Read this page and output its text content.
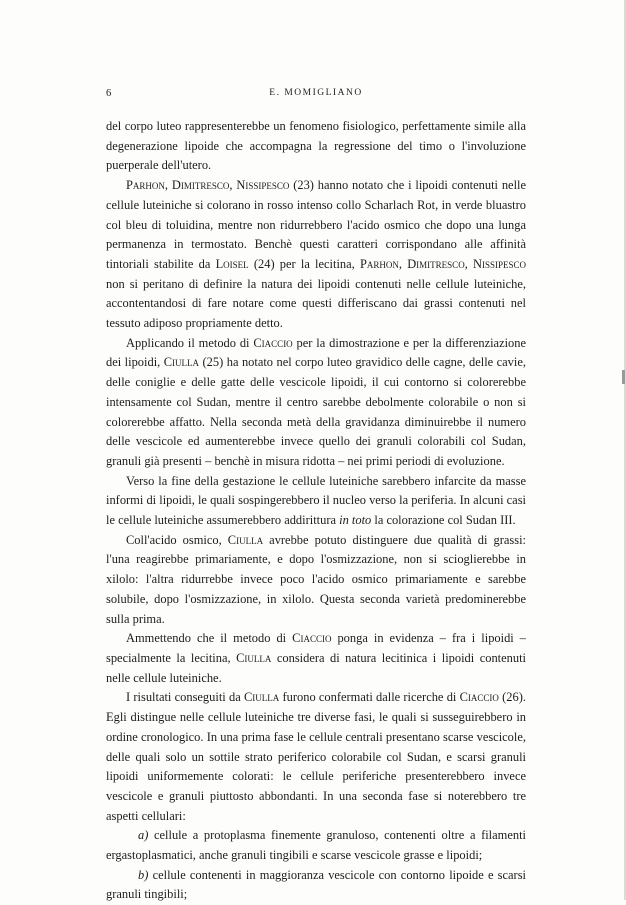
6	E. MOMIGLIANO

del corpo luteo rappresenterebbe un fenomeno fisiologico, perfettamente simile alla degenerazione lipoide che accompagna la regressione del timo o l'involuzione puerperale dell'utero.

Parhon, Dimitresco, Nissipesco (23) hanno notato che i lipoidi contenuti nelle cellule luteiniche si colorano in rosso intenso collo Scharlach Rot, in verde bluastro col bleu di toluidina, mentre non ridurrebbero l'acido osmico che dopo una lunga permanenza in termostato. Benchè questi caratteri corrispondano alle affinità tintoriali stabilite da Loisel (24) per la lecitina, Parhon, Dimitresco, Nissipesco non si peritano di definire la natura dei lipoidi contenuti nelle cellule luteiniche, accontentandosi di fare notare come questi differiscano dai grassi contenuti nel tessuto adiposo propriamente detto.

Applicando il metodo di Ciaccio per la dimostrazione e per la differenziazione dei lipoidi, Ciulla (25) ha notato nel corpo luteo gravidico delle cagne, delle cavie, delle coniglie e delle gatte delle vescicole lipoidi, il cui contorno si colorerebbe intensamente col Sudan, mentre il centro sarebbe debolmente colorabile o non si colorerebbe affatto. Nella seconda metà della gravidanza diminuirebbe il numero delle vescicole ed aumenterebbe invece quello dei granuli colorabili col Sudan, granuli già presenti – benchè in misura ridotta – nei primi periodi di evoluzione.

Verso la fine della gestazione le cellule luteiniche sarebbero infarcite da masse informi di lipoidi, le quali sospingerebbero il nucleo verso la periferia. In alcuni casi le cellule luteiniche assumerebbero addirittura in toto la colorazione col Sudan III.

Coll'acido osmico, Ciulla avrebbe potuto distinguere due qualità di grassi: l'una reagirebbe primariamente, e dopo l'osmizzazione, non si scioglierebbe in xilolo: l'altra ridurrebbe invece poco l'acido osmico primariamente e sarebbe solubile, dopo l'osmizzazione, in xilolo. Questa seconda varietà predominerebbe sulla prima.

Ammettendo che il metodo di Ciaccio ponga in evidenza – fra i lipoidi – specialmente la lecitina, Ciulla considera di natura lecitinica i lipoidi contenuti nelle cellule luteiniche.

I risultati conseguiti da Ciulla furono confermati dalle ricerche di Ciaccio (26). Egli distingue nelle cellule luteiniche tre diverse fasi, le quali si susseguirebbero in ordine cronologico. In una prima fase le cellule centrali presentano scarse vescicole, delle quali solo un sottile strato periferico colorabile col Sudan, e scarsi granuli lipoidi uniformemente colorati: le cellule periferiche presenterebbero invece vescicole e granuli piuttosto abbondanti. In una seconda fase si noterebbero tre aspetti cellulari:

a) cellule a protoplasma finemente granuloso, contenenti oltre a filamenti ergastoplasmatici, anche granuli tingibili e scarse vescicole grasse e lipoidi;

b) cellule contenenti in maggioranza vescicole con contorno lipoide e scarsi granuli tingibili;
